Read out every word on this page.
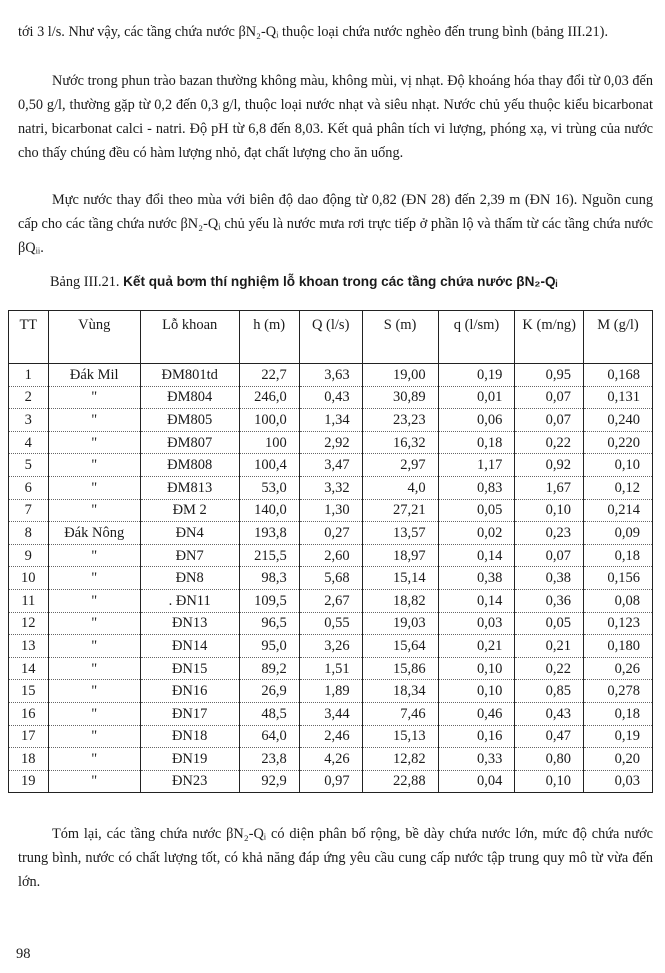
tới 3 l/s. Như vậy, các tầng chứa nước βN₂-Qᵢ thuộc loại chứa nước nghèo đến trung bình (bảng III.21).

Nước trong phun trào bazan thường không màu, không mùi, vị nhạt. Độ khoáng hóa thay đổi từ 0,03 đến 0,50 g/l, thường gặp từ 0,2 đến 0,3 g/l, thuộc loại nước nhạt và siêu nhạt. Nước chủ yếu thuộc kiểu bicarbonat natri, bicarbonat calci - natri. Độ pH từ 6,8 đến 8,03. Kết quả phân tích vi lượng, phóng xạ, vi trùng của nước cho thấy chúng đều có hàm lượng nhỏ, đạt chất lượng cho ăn uống.

Mực nước thay đổi theo mùa với biên độ dao động từ 0,82 (ĐN 28) đến 2,39 m (ĐN 16). Nguồn cung cấp cho các tầng chứa nước βN₂-Qᵢ chủ yếu là nước mưa rơi trực tiếp ở phần lộ và thấm từ các tầng chứa nước βQᵢᵢ.

Bảng III.21. Kết quả bơm thí nghiệm lỗ khoan trong các tầng chứa nước βN₂-Qᵢ
TT	Vùng	Lỗ khoan	h (m)	Q (l/s)	S (m)	q (l/sm)	K (m/ng)	M (g/l)
1	Đák Mil	ĐM801td	22,7	3,63	19,00	0,19	0,95	0,168
2	"	ĐM804	246,0	0,43	30,89	0,01	0,07	0,131
3	"	ĐM805	100,0	1,34	23,23	0,06	0,07	0,240
4	"	ĐM807	100	2,92	16,32	0,18	0,22	0,220
5	"	ĐM808	100,4	3,47	2,97	1,17	0,92	0,10
6	"	ĐM813	53,0	3,32	4,0	0,83	1,67	0,12
7	"	ĐM 2	140,0	1,30	27,21	0,05	0,10	0,214
8	Đák Nông	ĐN4	193,8	0,27	13,57	0,02	0,23	0,09
9	"	ĐN7	215,5	2,60	18,97	0,14	0,07	0,18
10	"	ĐN8	98,3	5,68	15,14	0,38	0,38	0,156
11	"	. ĐN11	109,5	2,67	18,82	0,14	0,36	0,08
12	"	ĐN13	96,5	0,55	19,03	0,03	0,05	0,123
13	"	ĐN14	95,0	3,26	15,64	0,21	0,21	0,180
14	"	ĐN15	89,2	1,51	15,86	0,10	0,22	0,26
15	"	ĐN16	26,9	1,89	18,34	0,10	0,85	0,278
16	"	ĐN17	48,5	3,44	7,46	0,46	0,43	0,18
17	"	ĐN18	64,0	2,46	15,13	0,16	0,47	0,19
18	"	ĐN19	23,8	4,26	12,82	0,33	0,80	0,20
19	"	ĐN23	92,9	0,97	22,88	0,04	0,10	0,03

Tóm lại, các tầng chứa nước βN₂-Qᵢ có diện phân bố rộng, bề dày chứa nước lớn, mức độ chứa nước trung bình, nước có chất lượng tốt, có khả năng đáp ứng yêu cầu cung cấp nước tập trung quy mô từ vừa đến lớn.

98
